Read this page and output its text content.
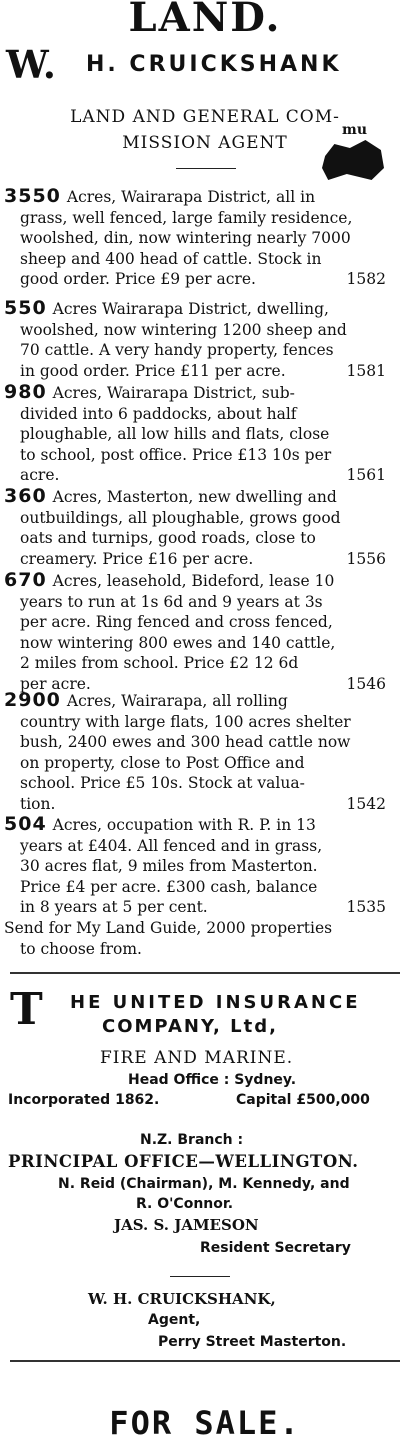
LAND.
W. H. CRUICKSHANK
LAND AND GENERAL COM-
MISSION AGENT
mu
3550 Acres, Wairarapa District, all in
grass, well fenced, large family residence,
woolshed, din, now wintering nearly 7000
sheep and 400 head of cattle. Stock in
good order. Price £9 per acre.	1582
550 Acres Wairarapa District, dwelling,
woolshed, now wintering 1200 sheep and
70 cattle. A very handy property, fences
in good order. Price £11 per acre.	1581
980 Acres, Wairarapa District, sub-
divided into 6 paddocks, about half
ploughable, all low hills and flats, close
to school, post office. Price £13 10s per
acre.	1561
360 Acres, Masterton, new dwelling and
outbuildings, all ploughable, grows good
oats and turnips, good roads, close to
creamery. Price £16 per acre.	1556
670 Acres, leasehold, Bideford, lease 10
years to run at 1s 6d and 9 years at 3s
per acre. Ring fenced and cross fenced,
now wintering 800 ewes and 140 cattle,
2 miles from school. Price £2 12 6d
per acre.	1546
2900 Acres, Wairarapa, all rolling
country with large flats, 100 acres shelter
bush, 2400 ewes and 300 head cattle now
on property, close to Post Office and
school. Price £5 10s. Stock at valua-
tion.	1542
504 Acres, occupation with R. P. in 13
years at £404. All fenced and in grass,
30 acres flat, 9 miles from Masterton.
Price £4 per acre. £300 cash, balance
in 8 years at 5 per cent.	1535
Send for My Land Guide, 2000 properties
to choose from.
T HE UNITED INSURANCE
COMPANY, Ltd,
FIRE AND MARINE.
Head Office : Sydney.
Incorporated 1862.	Capital £500,000
N.Z. Branch :
PRINCIPAL OFFICE—WELLINGTON.
N. Reid (Chairman), M. Kennedy, and
R. O'Connor.
JAS. S. JAMESON
Resident Secretary
W. H. CRUICKSHANK,
Agent,
Perry Street Masterton.
FOR SALE.
